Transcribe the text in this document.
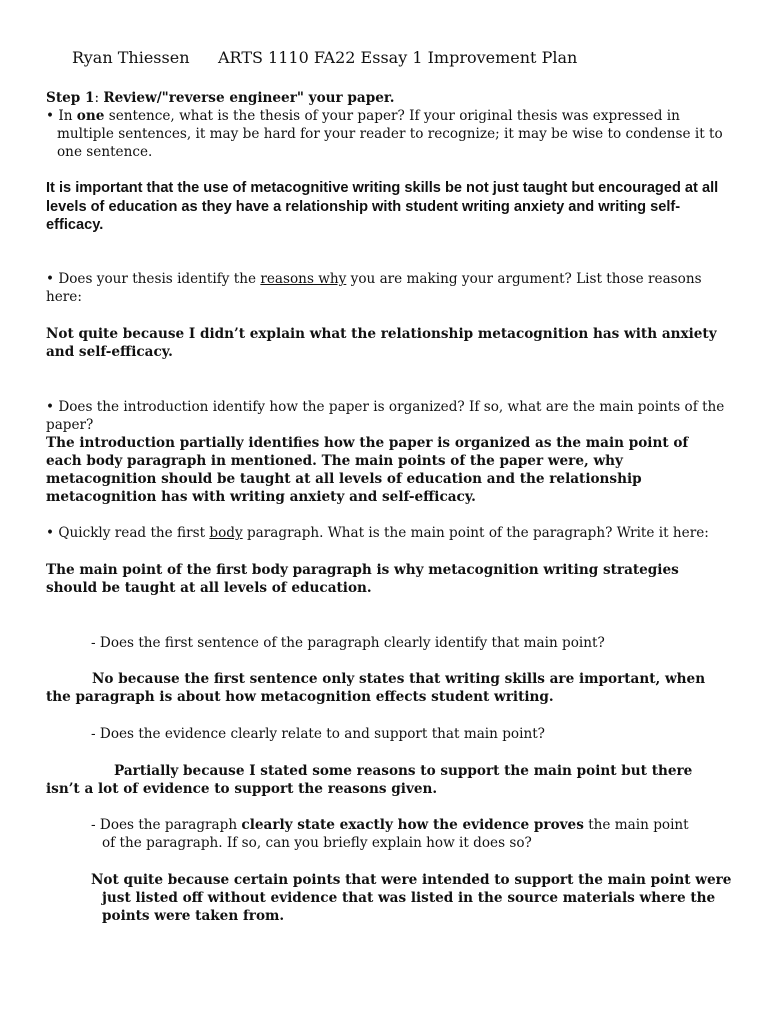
Ryan Thiessen ARTS 1110 FA22 Essay 1 Improvement Plan
Step 1: Review/"reverse engineer" your paper.
• In one sentence, what is the thesis of your paper? If your original thesis was expressed in multiple sentences, it may be hard for your reader to recognize; it may be wise to condense it to one sentence.
It is important that the use of metacognitive writing skills be not just taught but encouraged at all levels of education as they have a relationship with student writing anxiety and writing self-efficacy.
• Does your thesis identify the reasons why you are making your argument? List those reasons here:
Not quite because I didn’t explain what the relationship metacognition has with anxiety and self-efficacy.
• Does the introduction identify how the paper is organized? If so, what are the main points of the paper?
The introduction partially identifies how the paper is organized as the main point of each body paragraph in mentioned. The main points of the paper were, why metacognition should be taught at all levels of education and the relationship metacognition has with writing anxiety and self-efficacy.
• Quickly read the first body paragraph. What is the main point of the paragraph? Write it here:
The main point of the first body paragraph is why metacognition writing strategies should be taught at all levels of education.
- Does the first sentence of the paragraph clearly identify that main point?
No because the first sentence only states that writing skills are important, when the paragraph is about how metacognition effects student writing.
- Does the evidence clearly relate to and support that main point?
Partially because I stated some reasons to support the main point but there isn’t a lot of evidence to support the reasons given.
- Does the paragraph clearly state exactly how the evidence proves the main point of the paragraph. If so, can you briefly explain how it does so?
Not quite because certain points that were intended to support the main point were just listed off without evidence that was listed in the source materials where the points were taken from.
